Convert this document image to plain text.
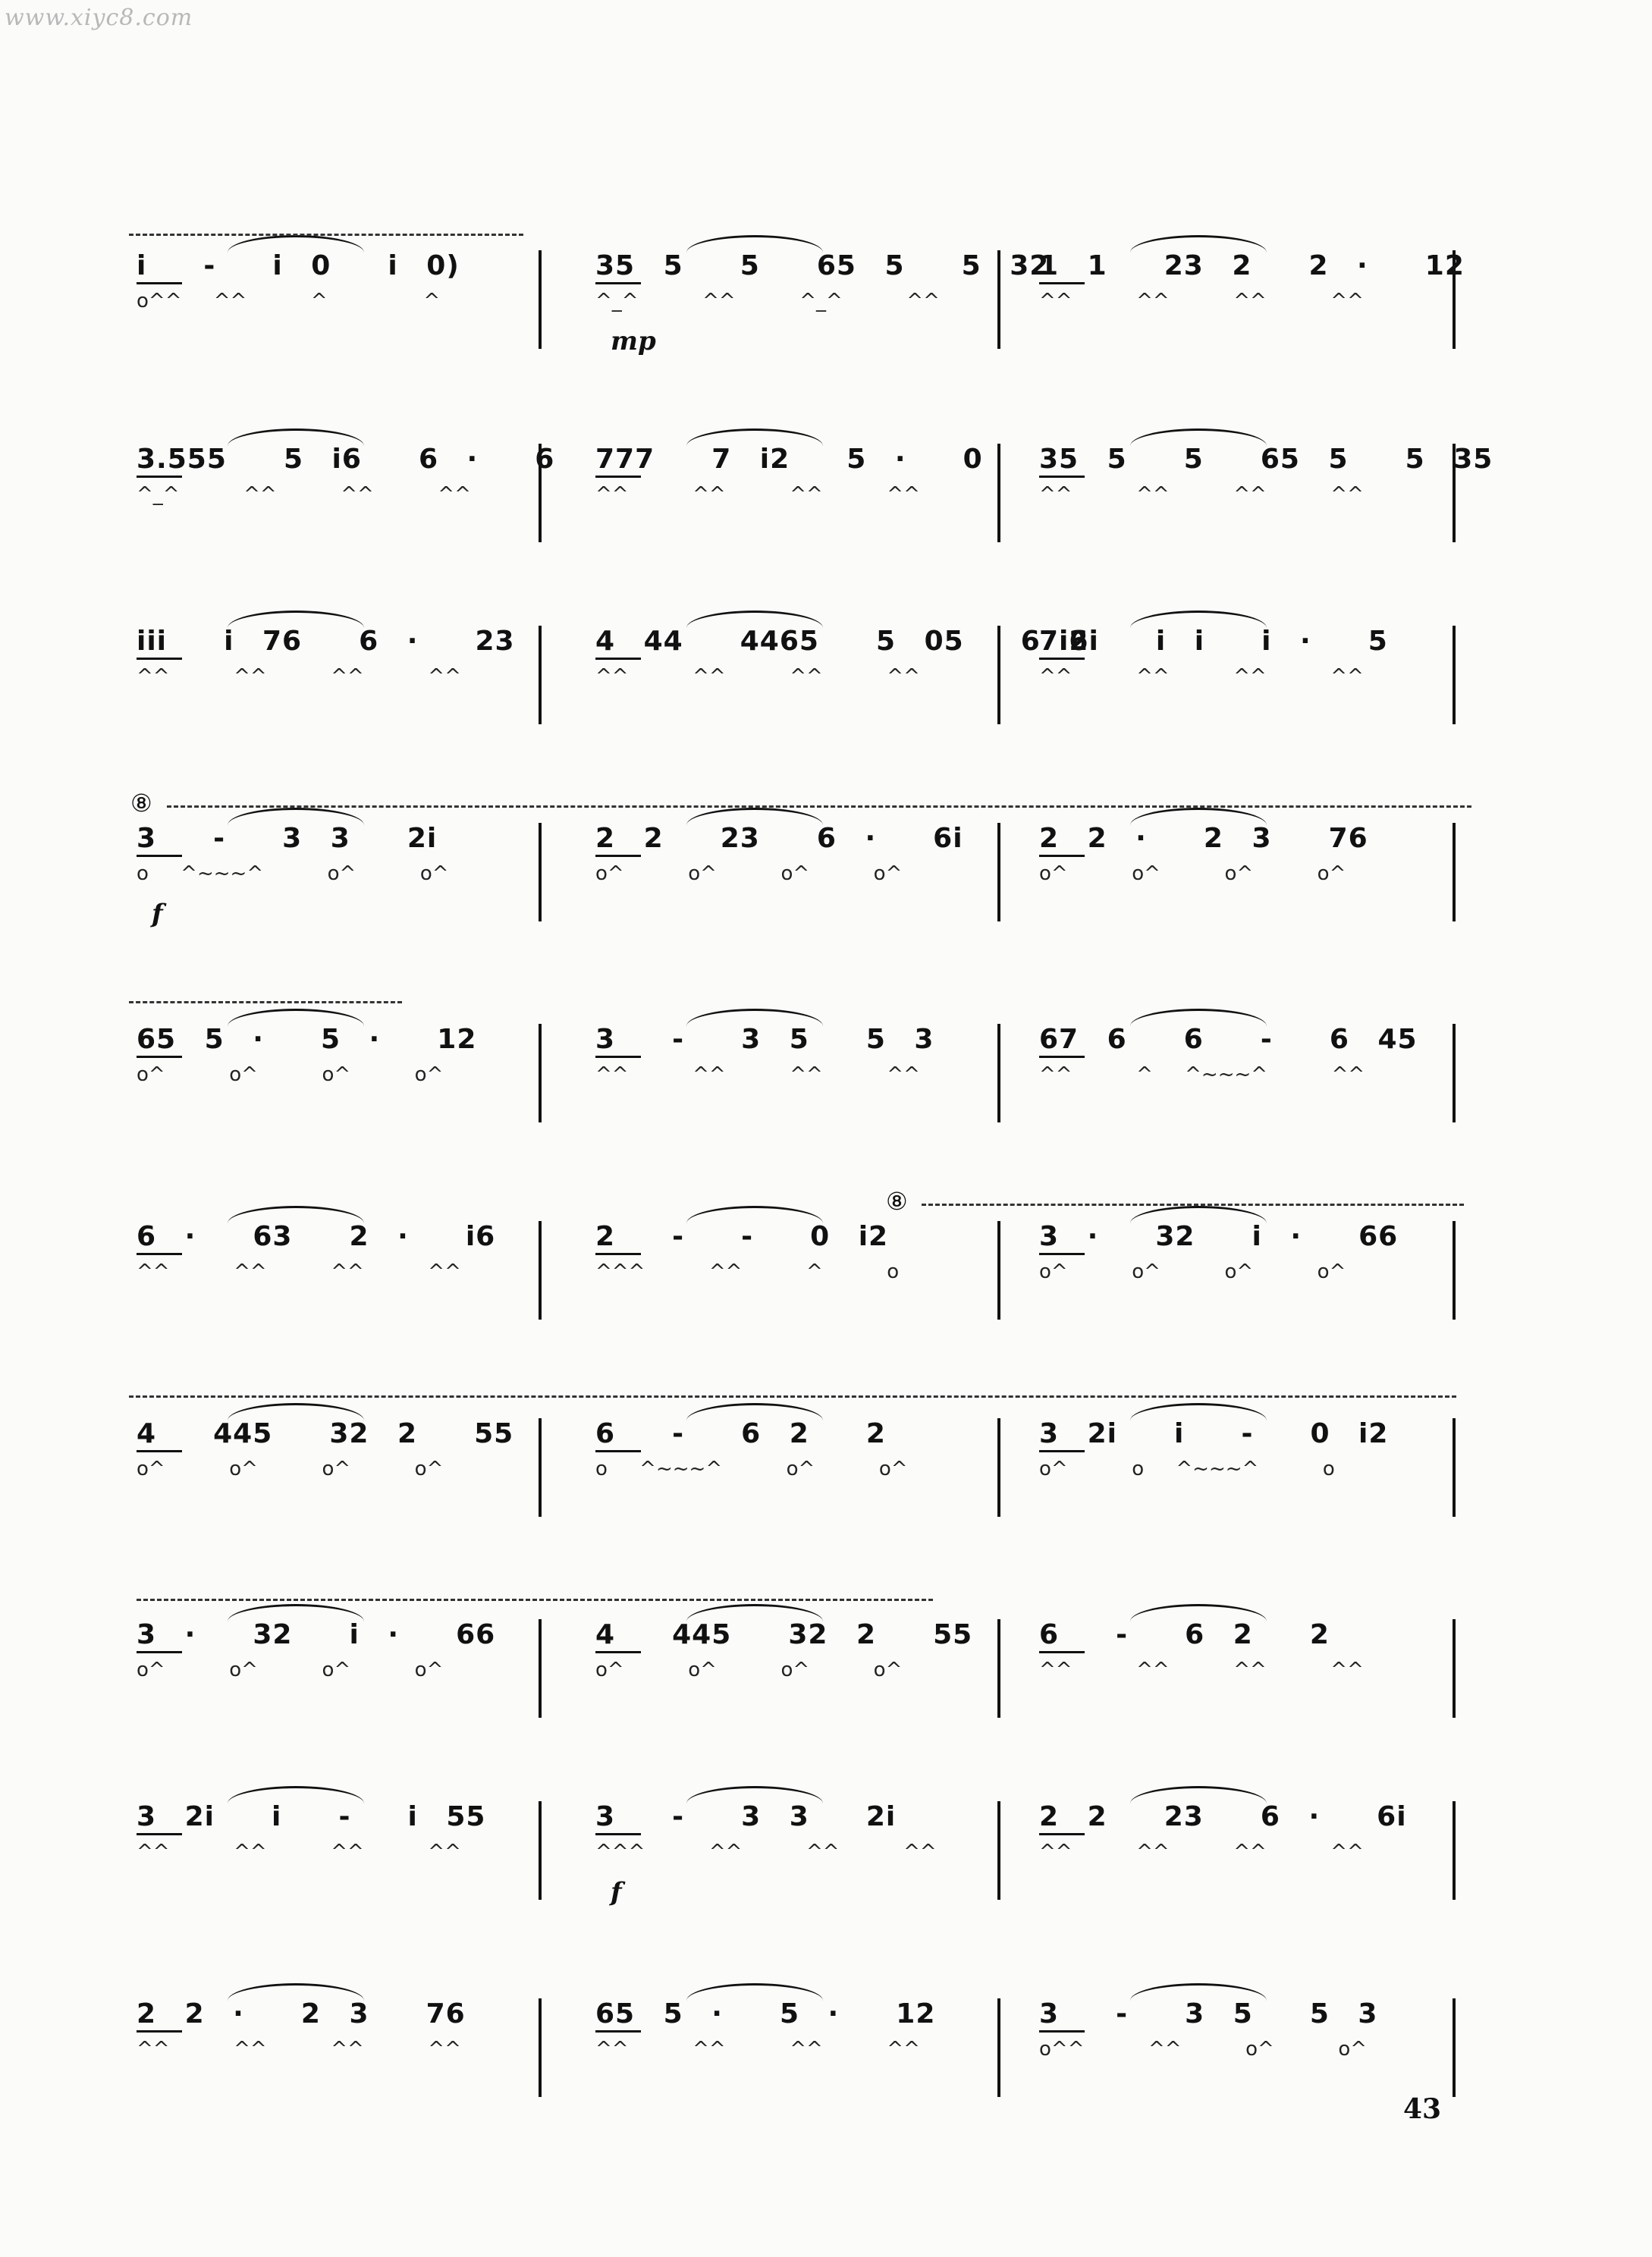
www.xiyc8.com
i  -  i 0  i 0)
o^^ ^^  ^   ^
35 5  5  65 5  5 32
^_^  ^^  ^_^  ^^
mp
1 1  23 2  2 ·  12
^^  ^^  ^^  ^^
3.555  5 i6  6 ·  6
^_^  ^^  ^^  ^^
777  7 i2  5 ·  0
^^  ^^  ^^  ^^
35 5  5  65 5  5 35
^^  ^^  ^^  ^^
iii  i 76  6 ·  23
^^  ^^  ^^  ^^
4 44  4465  5 05  6 6
^^  ^^  ^^  ^^
7i2i  i i  i ·  5
^^  ^^  ^^  ^^
3  -  3 3  2i
o ^~~~^  o^  o^
f
2 2  23  6 ·  6i
o^  o^  o^  o^
2 2 ·  2 3  76
o^  o^  o^  o^
65 5 ·  5 ·  12
o^  o^  o^  o^
3  -  3 5  5 3
^^  ^^  ^^  ^^
67 6  6  -  6 45
^^  ^ ^~~~^  ^^
6 ·  63  2 ·  i6
^^  ^^  ^^  ^^
2  -  -  0 i2
^^^  ^^  ^  o
3 ·  32  i ·  66
o^  o^  o^  o^
4  445  32 2  55
o^  o^  o^  o^
6  -  6 2  2
o ^~~~^  o^  o^
3 2i  i  -  0 i2
o^  o ^~~~^  o
3 ·  32  i ·  66
o^  o^  o^  o^
4  445  32 2  55
o^  o^  o^  o^
6  -  6 2  2
^^  ^^  ^^  ^^
3 2i  i  -  i 55
^^  ^^  ^^  ^^
3  -  3 3  2i
^^^  ^^  ^^  ^^
f
2 2  23  6 ·  6i
^^  ^^  ^^  ^^
2 2 ·  2 3  76
^^  ^^  ^^  ^^
65 5 ·  5 ·  12
^^  ^^  ^^  ^^
3  -  3 5  5 3
o^^  ^^  o^  o^
⑧
⑧
43
